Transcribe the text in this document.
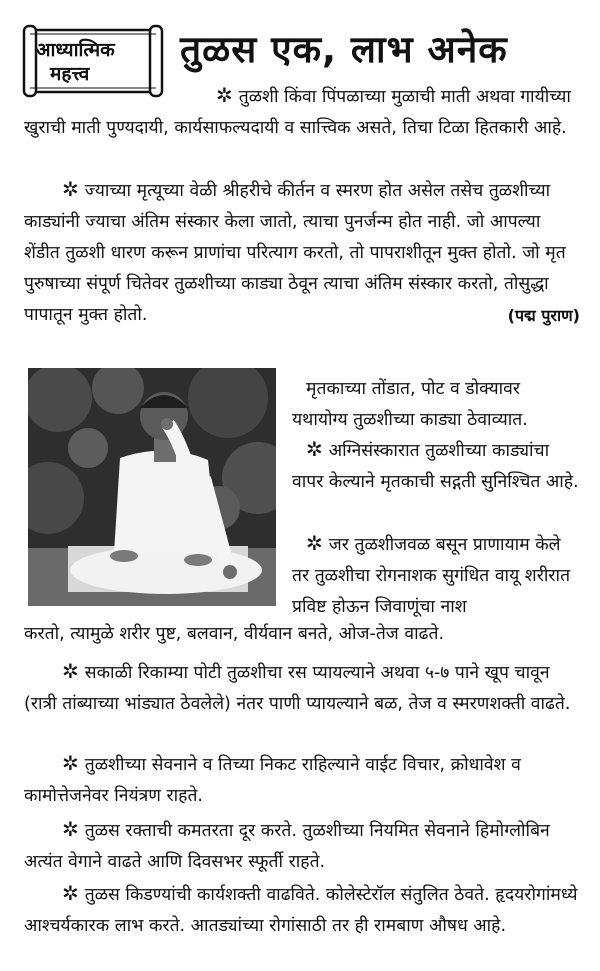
आध्यात्मिक
महत्त्व
तुळस एक, लाभ अनेक

✲ तुळशी किंवा पिंपळाच्या मुळाची माती अथवा गायीच्या खुराची माती पुण्यदायी, कार्यसाफल्यदायी व सात्त्विक असते, तिचा टिळा हितकारी आहे.

✲ ज्याच्या मृत्यूच्या वेळी श्रीहरीचे कीर्तन व स्मरण होत असेल तसेच तुळशीच्या काड्यांनी ज्याचा अंतिम संस्कार केला जातो, त्याचा पुनर्जन्म होत नाही. जो आपल्या शेंडीत तुळशी धारण करून प्राणांचा परित्याग करतो, तो पापराशीतून मुक्त होतो. जो मृत पुरुषाच्या संपूर्ण चितेवर तुळशीच्या काड्या ठेवून त्याचा अंतिम संस्कार करतो, तोसुद्धा पापातून मुक्त होतो.	(पद्म पुराण)

मृतकाच्या तोंडात, पोट व डोक्यावर यथायोग्य तुळशीच्या काड्या ठेवाव्यात.

✲ अग्निसंस्कारात तुळशीच्या काड्यांचा वापर केल्याने मृतकाची सद्गती सुनिश्चित आहे.

✲ जर तुळशीजवळ बसून प्राणायाम केले तर तुळशीचा रोगनाशक सुगंधित वायू शरीरात प्रविष्ट होऊन जिवाणूंचा नाश

करतो, त्यामुळे शरीर पुष्ट, बलवान, वीर्यवान बनते, ओज-तेज वाढते.

✲ सकाळी रिकाम्या पोटी तुळशीचा रस प्यायल्याने अथवा ५-७ पाने खूप चावून (रात्री तांब्याच्या भांड्यात ठेवलेले) नंतर पाणी प्यायल्याने बळ, तेज व स्मरणशक्ती वाढते.

✲ तुळशीच्या सेवनाने व तिच्या निकट राहिल्याने वाईट विचार, क्रोधावेश व कामोत्तेजनेवर नियंत्रण राहते.

✲ तुळस रक्ताची कमतरता दूर करते. तुळशीच्या नियमित सेवनाने हिमोग्लोबिन अत्यंत वेगाने वाढते आणि दिवसभर स्फूर्ती राहते.

✲ तुळस किडण्यांची कार्यशक्ती वाढविते. कोलेस्टेरॉल संतुलित ठेवते. हृदयरोगांमध्ये आश्चर्यकारक लाभ करते. आतड्यांच्या रोगांसाठी तर ही रामबाण औषध आहे.
